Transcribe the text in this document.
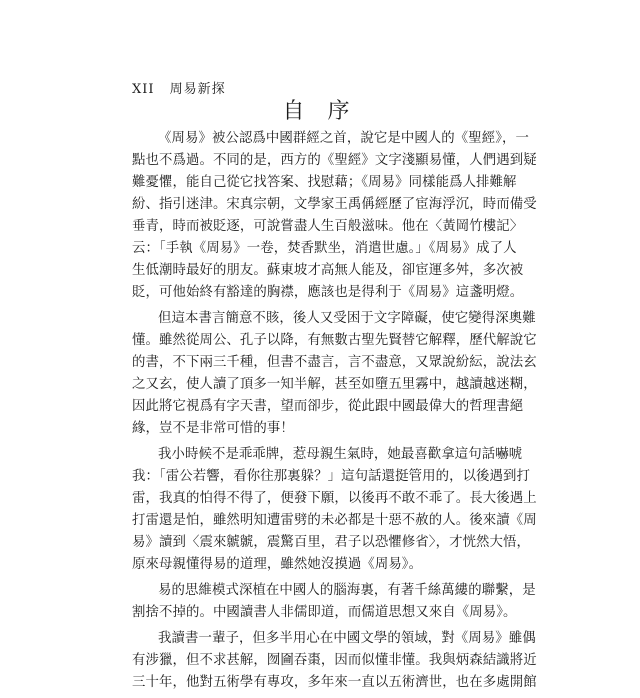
XII 周易新探
自 序

《周易》被公認爲中國群經之首，說它是中國人的《聖經》，一
點也不爲過。不同的是，西方的《聖經》文字淺顯易懂，人們遇到疑
難憂懼，能自己從它找答案、找慰藉；《周易》同樣能爲人排難解
紛、指引迷津。宋真宗朝，文學家王禹偁經歷了宦海浮沉，時而備受
垂青，時而被貶逐，可說嘗盡人生百般滋味。他在〈黃岡竹樓記〉
云：「手執《周易》一卷，焚香默坐，消遣世慮。」《周易》成了人
生低潮時最好的朋友。蘇東坡才高無人能及，卻宦運多舛，多次被
貶，可他始終有豁達的胸襟，應該也是得利于《周易》這盞明燈。

但這本書言簡意不賅，後人又受困于文字障礙，使它變得深奧難
懂。雖然從周公、孔子以降，有無數古聖先賢替它解釋，歷代解說它
的書，不下兩三千種，但書不盡言，言不盡意，又眾說紛紜，說法玄
之又玄，使人讀了頂多一知半解，甚至如墮五里霧中，越讀越迷糊，
因此將它視爲有字天書，望而卻步，從此跟中國最偉大的哲理書絕
緣，豈不是非常可惜的事！

我小時候不是乖乖牌，惹母親生氣時，她最喜歡拿這句話嚇唬
我：「雷公若響，看你往那裏躲？」這句話還挺管用的，以後遇到打
雷，我真的怕得不得了，便發下願，以後再不敢不乖了。長大後遇上
打雷還是怕，雖然明知遭雷劈的未必都是十惡不赦的人。後來讀《周
易》讀到〈震來虩虩，震驚百里，君子以恐懼修省〉，才恍然大悟，
原來母親懂得易的道理，雖然她沒摸過《周易》。

易的思維模式深植在中國人的腦海裏，有著千絲萬縷的聯繫，是
割捨不掉的。中國讀書人非儒即道，而儒道思想又來自《周易》。

我讀書一輩子，但多半用心在中國文學的領域，對《周易》雖偶
有涉獵，但不求甚解，囫圇吞棗，因而似懂非懂。我與炳森結識將近
三十年，他對五術學有專攻，多年來一直以五術濟世，也在多處開館
